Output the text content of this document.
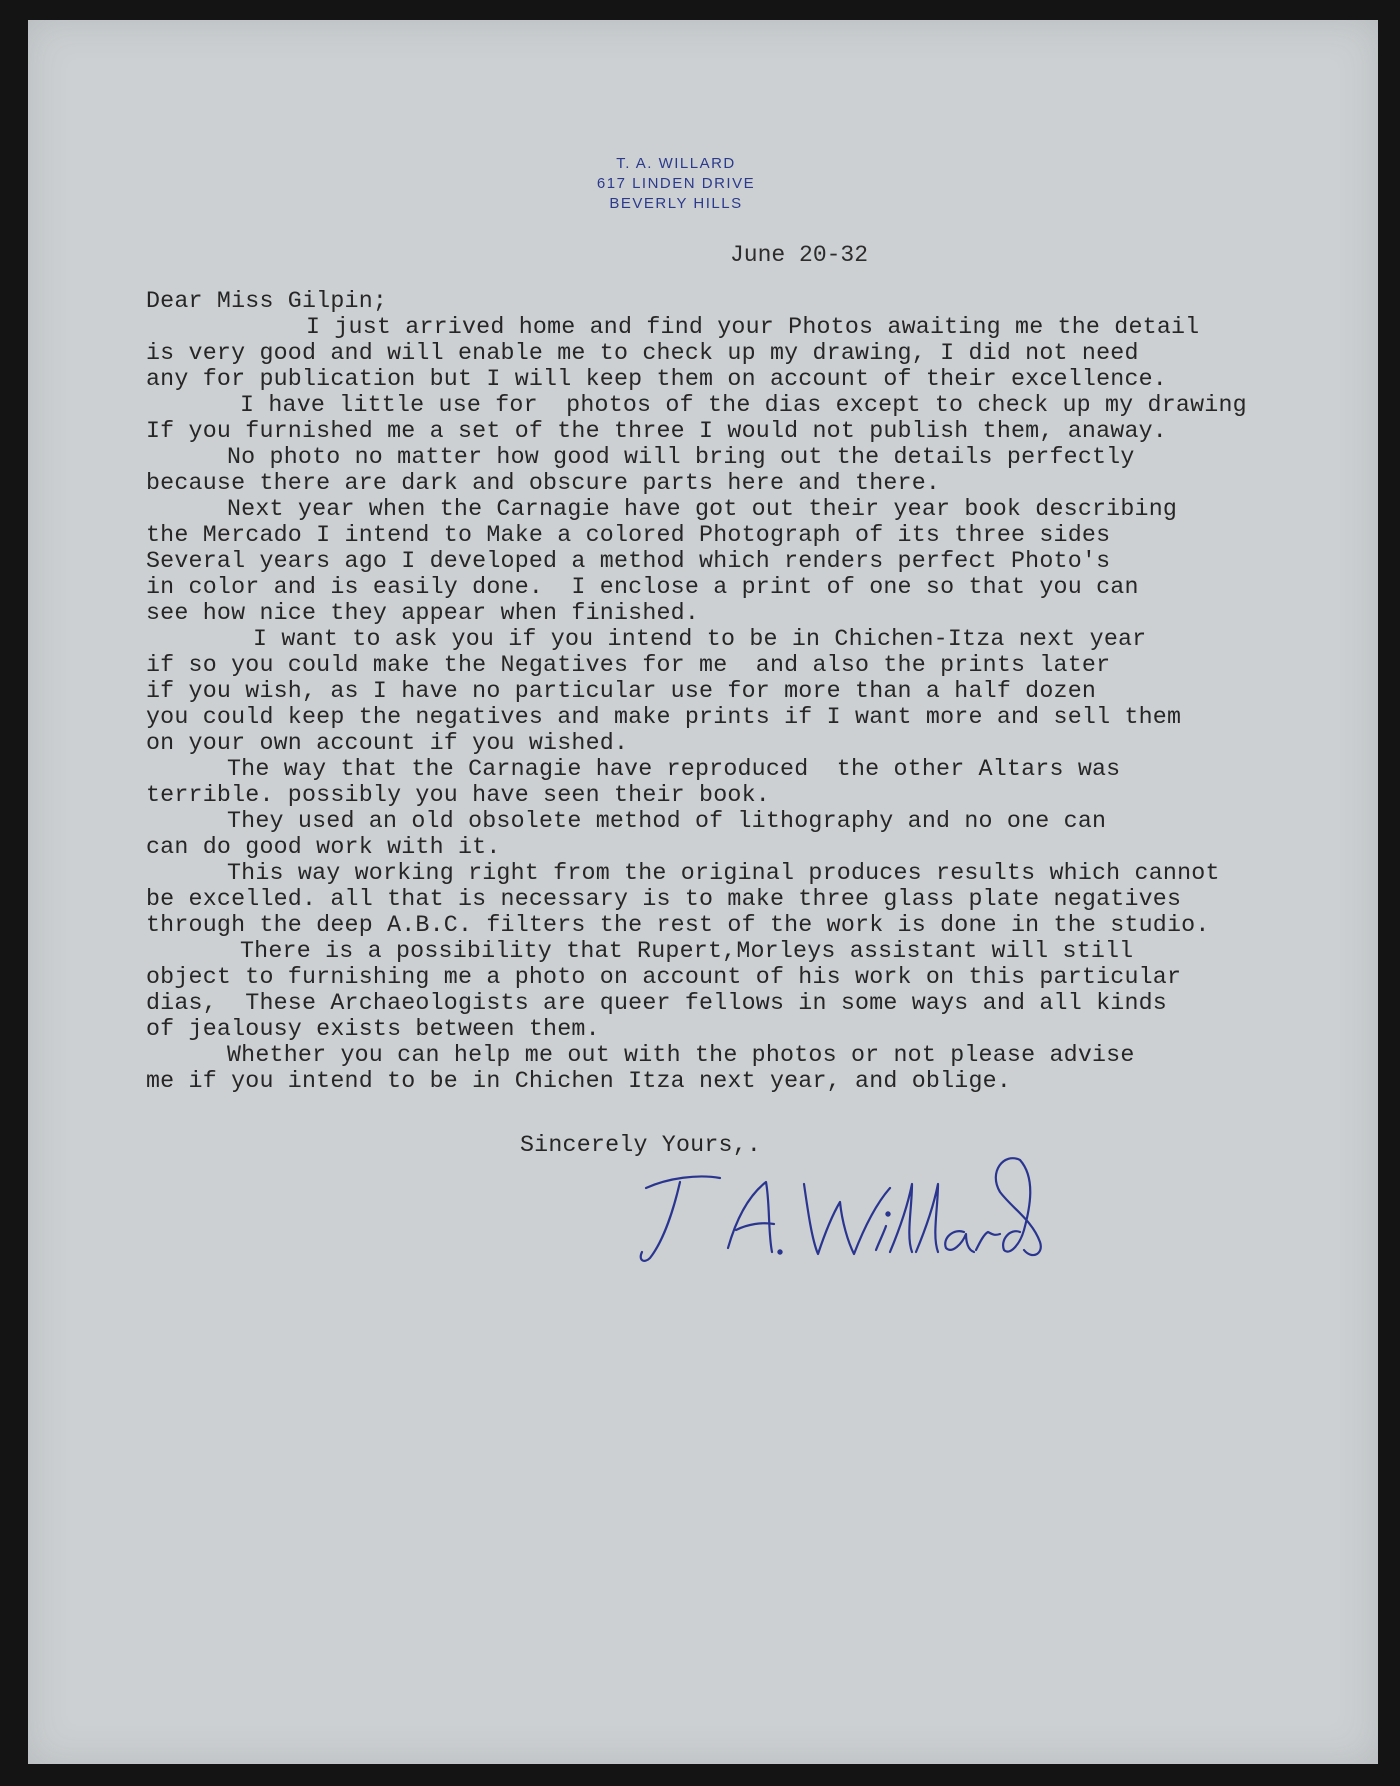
T. A. WILLARD
617 LINDEN DRIVE
BEVERLY HILLS
June 20-32
Dear Miss Gilpin;
I just arrived home and find your Photos awaiting me the detail
is very good and will enable me to check up my drawing, I did not need
any for publication but I will keep them on account of their excellence.
I have little use for  photos of the dias except to check up my drawing
If you furnished me a set of the three I would not publish them, anaway.
No photo no matter how good will bring out the details perfectly
because there are dark and obscure parts here and there.
Next year when the Carnagie have got out their year book describing
the Mercado I intend to Make a colored Photograph of its three sides
Several years ago I developed a method which renders perfect Photo's
in color and is easily done.  I enclose a print of one so that you can
see how nice they appear when finished.
I want to ask you if you intend to be in Chichen-Itza next year
if so you could make the Negatives for me  and also the prints later
if you wish, as I have no particular use for more than a half dozen
you could keep the negatives and make prints if I want more and sell them
on your own account if you wished.
The way that the Carnagie have reproduced  the other Altars was
terrible. possibly you have seen their book.
They used an old obsolete method of lithography and no one can
can do good work with it.
This way working right from the original produces results which cannot
be excelled. all that is necessary is to make three glass plate negatives
through the deep A.B.C. filters the rest of the work is done in the studio.
There is a possibility that Rupert,Morleys assistant will still
object to furnishing me a photo on account of his work on this particular
dias,  These Archaeologists are queer fellows in some ways and all kinds
of jealousy exists between them.
Whether you can help me out with the photos or not please advise
me if you intend to be in Chichen Itza next year, and oblige.
Sincerely Yours,.
